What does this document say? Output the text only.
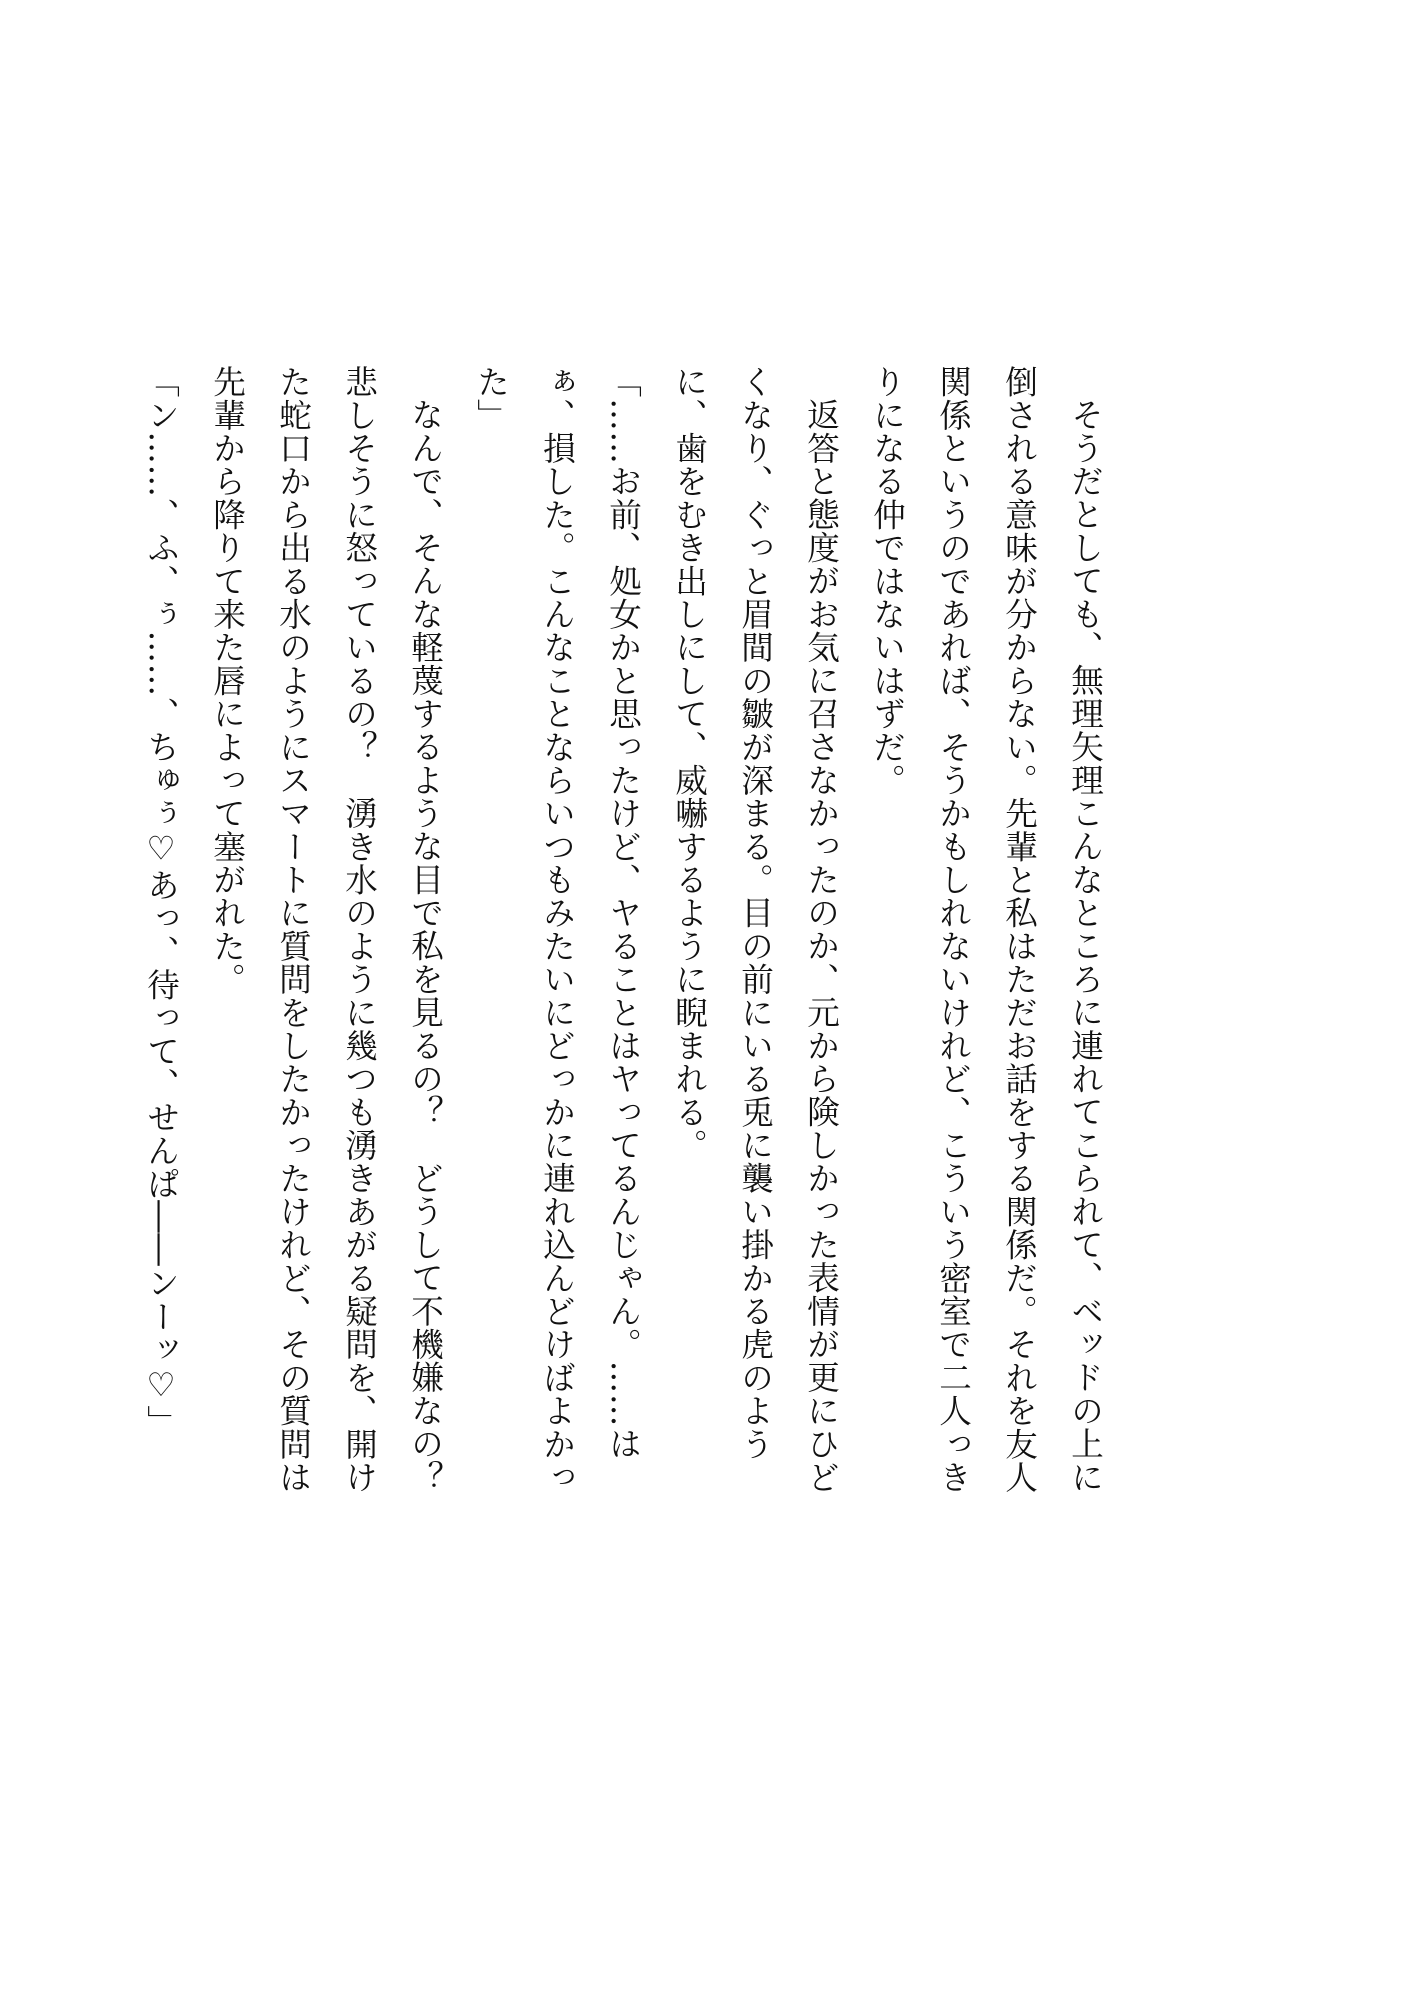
そうだとしても、無理矢理こんなところに連れてこられて、ベッドの上に倒される意味が分からない。先輩と私はただお話をする関係だ。それを友人関係というのであれば、そうかもしれないけれど、こういう密室で二人っきりになる仲ではないはずだ。

返答と態度がお気に召さなかったのか、元から険しかった表情が更にひどくなり、ぐっと眉間の皺が深まる。目の前にいる兎に襲い掛かる虎のように、歯をむき出しにして、威嚇するように睨まれる。

「……お前、処女かと思ったけど、ヤることはヤってるんじゃん。……はぁ、損した。こんなことならいつもみたいにどっかに連れ込んどけばよかった」

なんで、そんな軽蔑するような目で私を見るの？　どうして不機嫌なの？　悲しそうに怒っているの？　湧き水のように幾つも湧きあがる疑問を、開けた蛇口から出る水のようにスマートに質問をしたかったけれど、その質問は先輩から降りて来た唇によって塞がれた。

「ン……、ふ、ぅ……、ちゅぅ♡あっ、待って、せんぱ――ンーッ♡」
